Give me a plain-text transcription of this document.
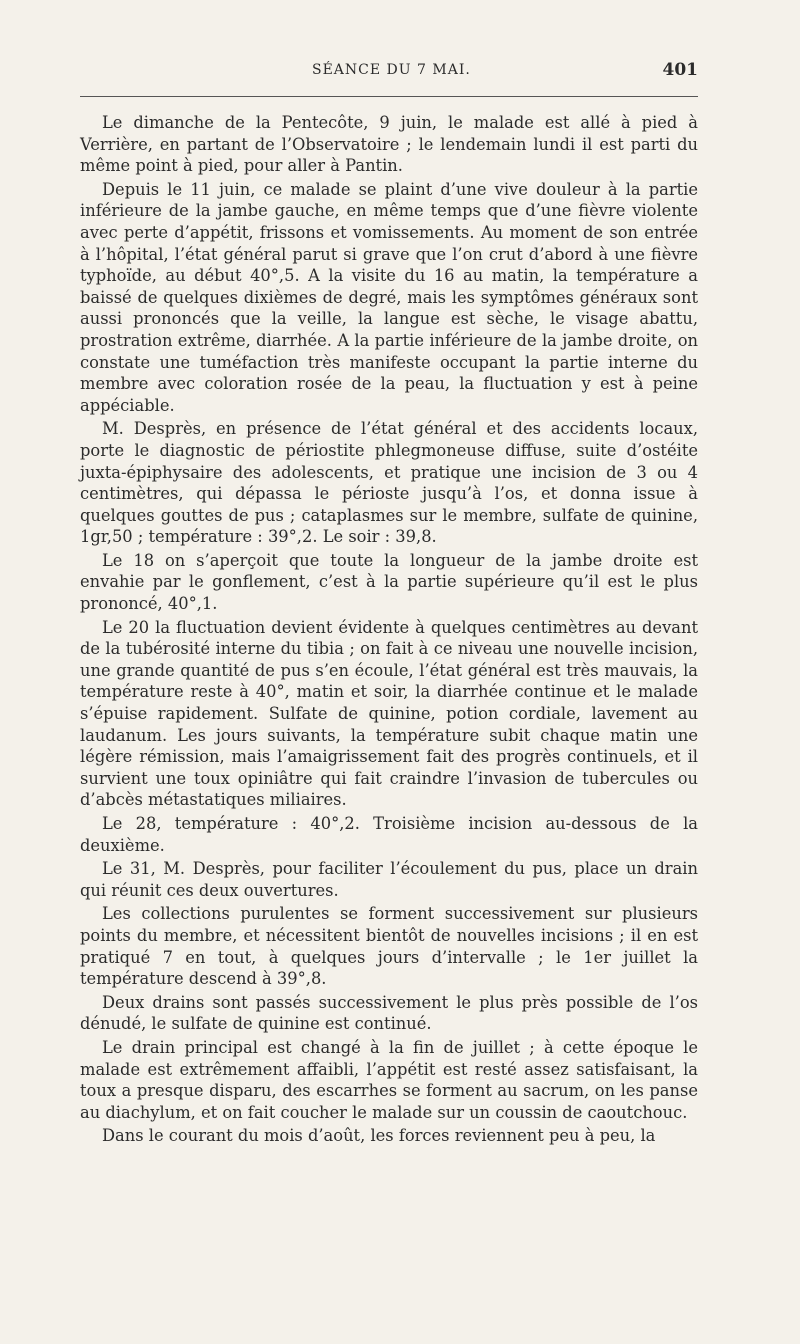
SÉANCE DU 7 MAI.	401

Le dimanche de la Pentecôte, 9 juin, le malade est allé à pied à Verrière, en partant de l’Observatoire ; le lendemain lundi il est parti du même point à pied, pour aller à Pantin.

Depuis le 11 juin, ce malade se plaint d’une vive douleur à la partie inférieure de la jambe gauche, en même temps que d’une fièvre violente avec perte d’appétit, frissons et vomissements. Au moment de son entrée à l’hôpital, l’état général parut si grave que l’on crut d’abord à une fièvre typhoïde, au début 40°,5. A la visite du 16 au matin, la température a baissé de quelques dixièmes de degré, mais les symptômes généraux sont aussi prononcés que la veille, la langue est sèche, le visage abattu, prostration extrême, diarrhée. A la partie inférieure de la jambe droite, on constate une tuméfaction très manifeste occupant la partie interne du membre avec coloration rosée de la peau, la fluctuation y est à peine appéciable.

M. Desprès, en présence de l’état général et des accidents locaux, porte le diagnostic de périostite phlegmoneuse diffuse, suite d’ostéite juxta-épiphysaire des adolescents, et pratique une incision de 3 ou 4 centimètres, qui dépassa le périoste jusqu’à l’os, et donna issue à quelques gouttes de pus ; cataplasmes sur le membre, sulfate de quinine, 1gr,50 ; température : 39°,2. Le soir : 39,8.

Le 18 on s’aperçoit que toute la longueur de la jambe droite est envahie par le gonflement, c’est à la partie supérieure qu’il est le plus prononcé, 40°,1.

Le 20 la fluctuation devient évidente à quelques centimètres au devant de la tubérosité interne du tibia ; on fait à ce niveau une nouvelle incision, une grande quantité de pus s’en écoule, l’état général est très mauvais, la température reste à 40°, matin et soir, la diarrhée continue et le malade s’épuise rapidement. Sulfate de quinine, potion cordiale, lavement au laudanum. Les jours suivants, la température subit chaque matin une légère rémission, mais l’amaigrissement fait des progrès continuels, et il survient une toux opiniâtre qui fait craindre l’invasion de tubercules ou d’abcès métastatiques miliaires.

Le 28, température : 40°,2. Troisième incision au-dessous de la deuxième.

Le 31, M. Desprès, pour faciliter l’écoulement du pus, place un drain qui réunit ces deux ouvertures.

Les collections purulentes se forment successivement sur plusieurs points du membre, et nécessitent bientôt de nouvelles incisions ; il en est pratiqué 7 en tout, à quelques jours d’intervalle ; le 1er juillet la température descend à 39°,8.

Deux drains sont passés successivement le plus près possible de l’os dénudé, le sulfate de quinine est continué.

Le drain principal est changé à la fin de juillet ; à cette époque le malade est extrêmement affaibli, l’appétit est resté assez satisfaisant, la toux a presque disparu, des escarrhes se forment au sacrum, on les panse au diachylum, et on fait coucher le malade sur un coussin de caoutchouc.

Dans le courant du mois d’août, les forces reviennent peu à peu, la
